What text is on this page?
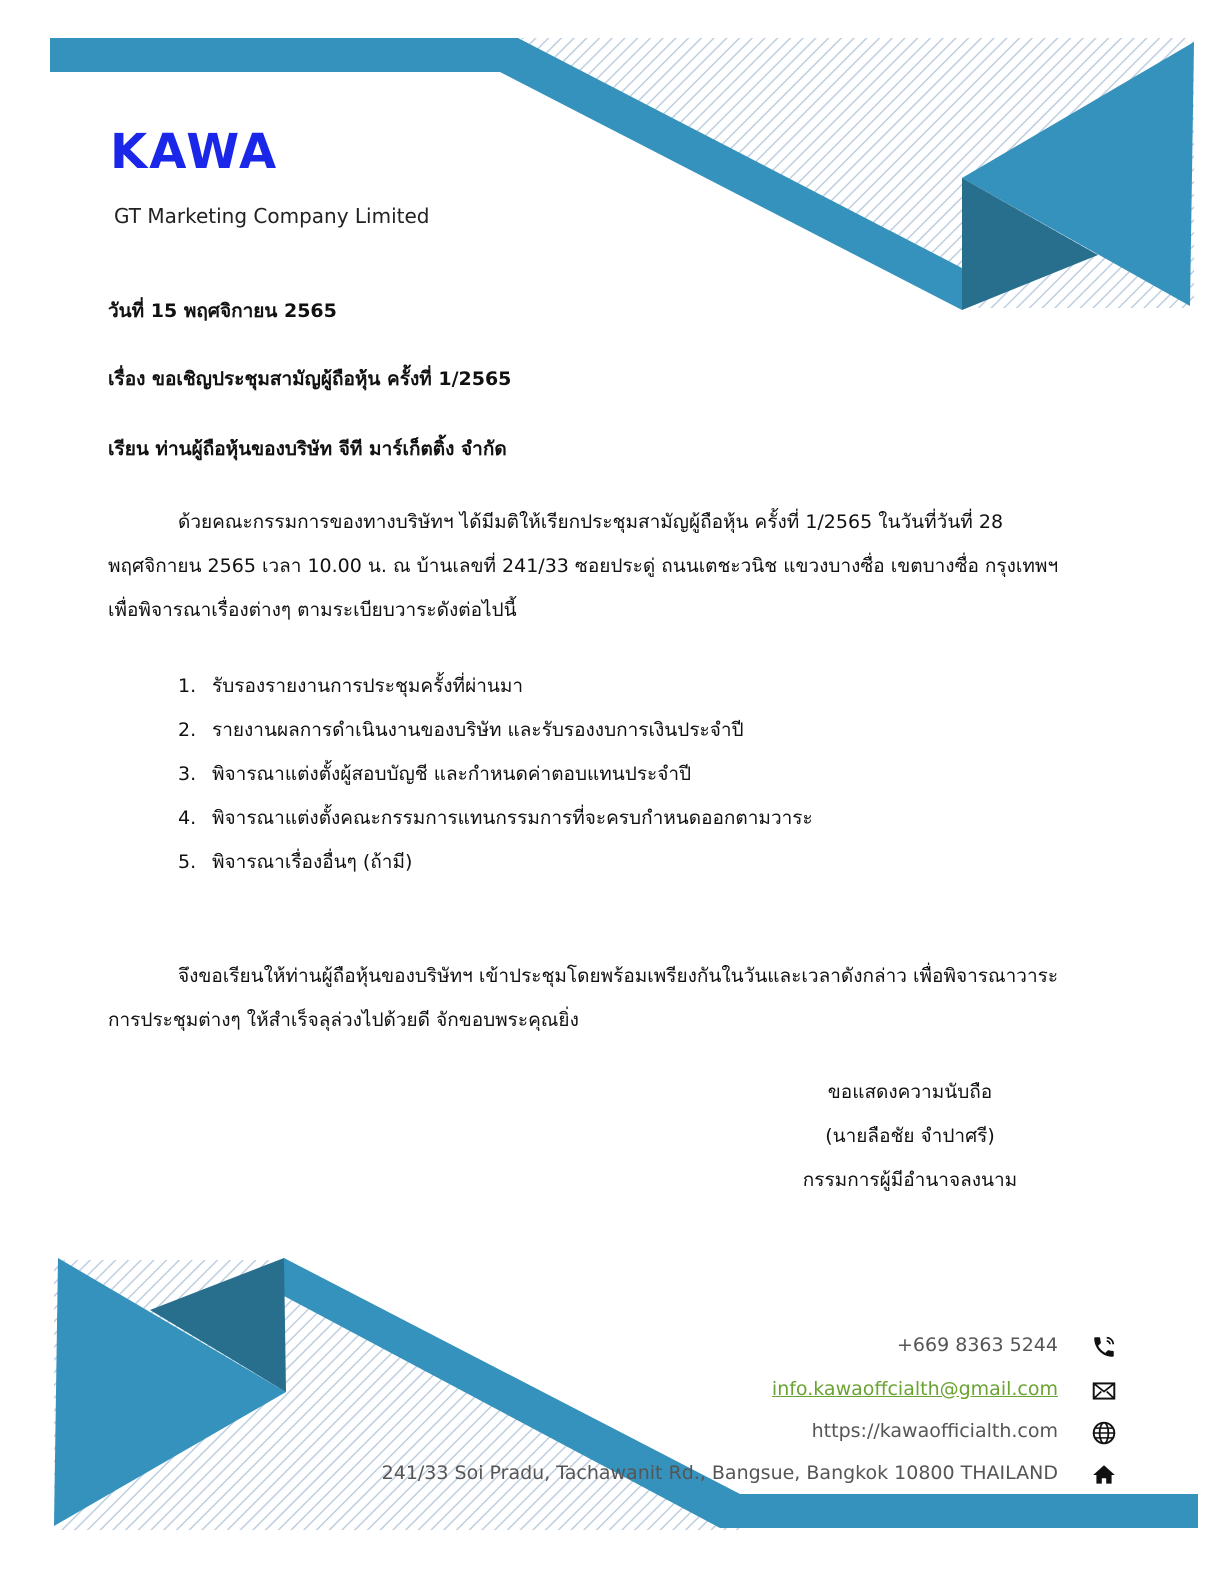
KAWA
GT Marketing Company Limited
วันที่ 15 พฤศจิกายน 2565
เรื่อง ขอเชิญประชุมสามัญผู้ถือหุ้น ครั้งที่ 1/2565
เรียน ท่านผู้ถือหุ้นของบริษัท จีที มาร์เก็ตติ้ง จำกัด
ด้วยคณะกรรมการของทางบริษัทฯ ได้มีมติให้เรียกประชุมสามัญผู้ถือหุ้น ครั้งที่ 1/2565 ในวันที่วันที่ 28 พฤศจิกายน 2565 เวลา 10.00 น. ณ บ้านเลขที่ 241/33 ซอยประดู่ ถนนเตชะวนิช แขวงบางซื่อ เขตบางซื่อ กรุงเทพฯ เพื่อพิจารณาเรื่องต่างๆ ตามระเบียบวาระดังต่อไปนี้
1. รับรองรายงานการประชุมครั้งที่ผ่านมา
2. รายงานผลการดำเนินงานของบริษัท และรับรองงบการเงินประจำปี
3. พิจารณาแต่งตั้งผู้สอบบัญชี และกำหนดค่าตอบแทนประจำปี
4. พิจารณาแต่งตั้งคณะกรรมการแทนกรรมการที่จะครบกำหนดออกตามวาระ
5. พิจารณาเรื่องอื่นๆ (ถ้ามี)
จึงขอเรียนให้ท่านผู้ถือหุ้นของบริษัทฯ เข้าประชุมโดยพร้อมเพรียงกันในวันและเวลาดังกล่าว เพื่อพิจารณาวาระการประชุมต่างๆ ให้สำเร็จลุล่วงไปด้วยดี จักขอบพระคุณยิ่ง
ขอแสดงความนับถือ
(นายลือชัย จำปาศรี)
กรรมการผู้มีอำนาจลงนาม
+669 8363 5244
info.kawaoffcialth@gmail.com
https://kawaofficialth.com
241/33 Soi Pradu, Tachawanit Rd., Bangsue, Bangkok 10800 THAILAND
